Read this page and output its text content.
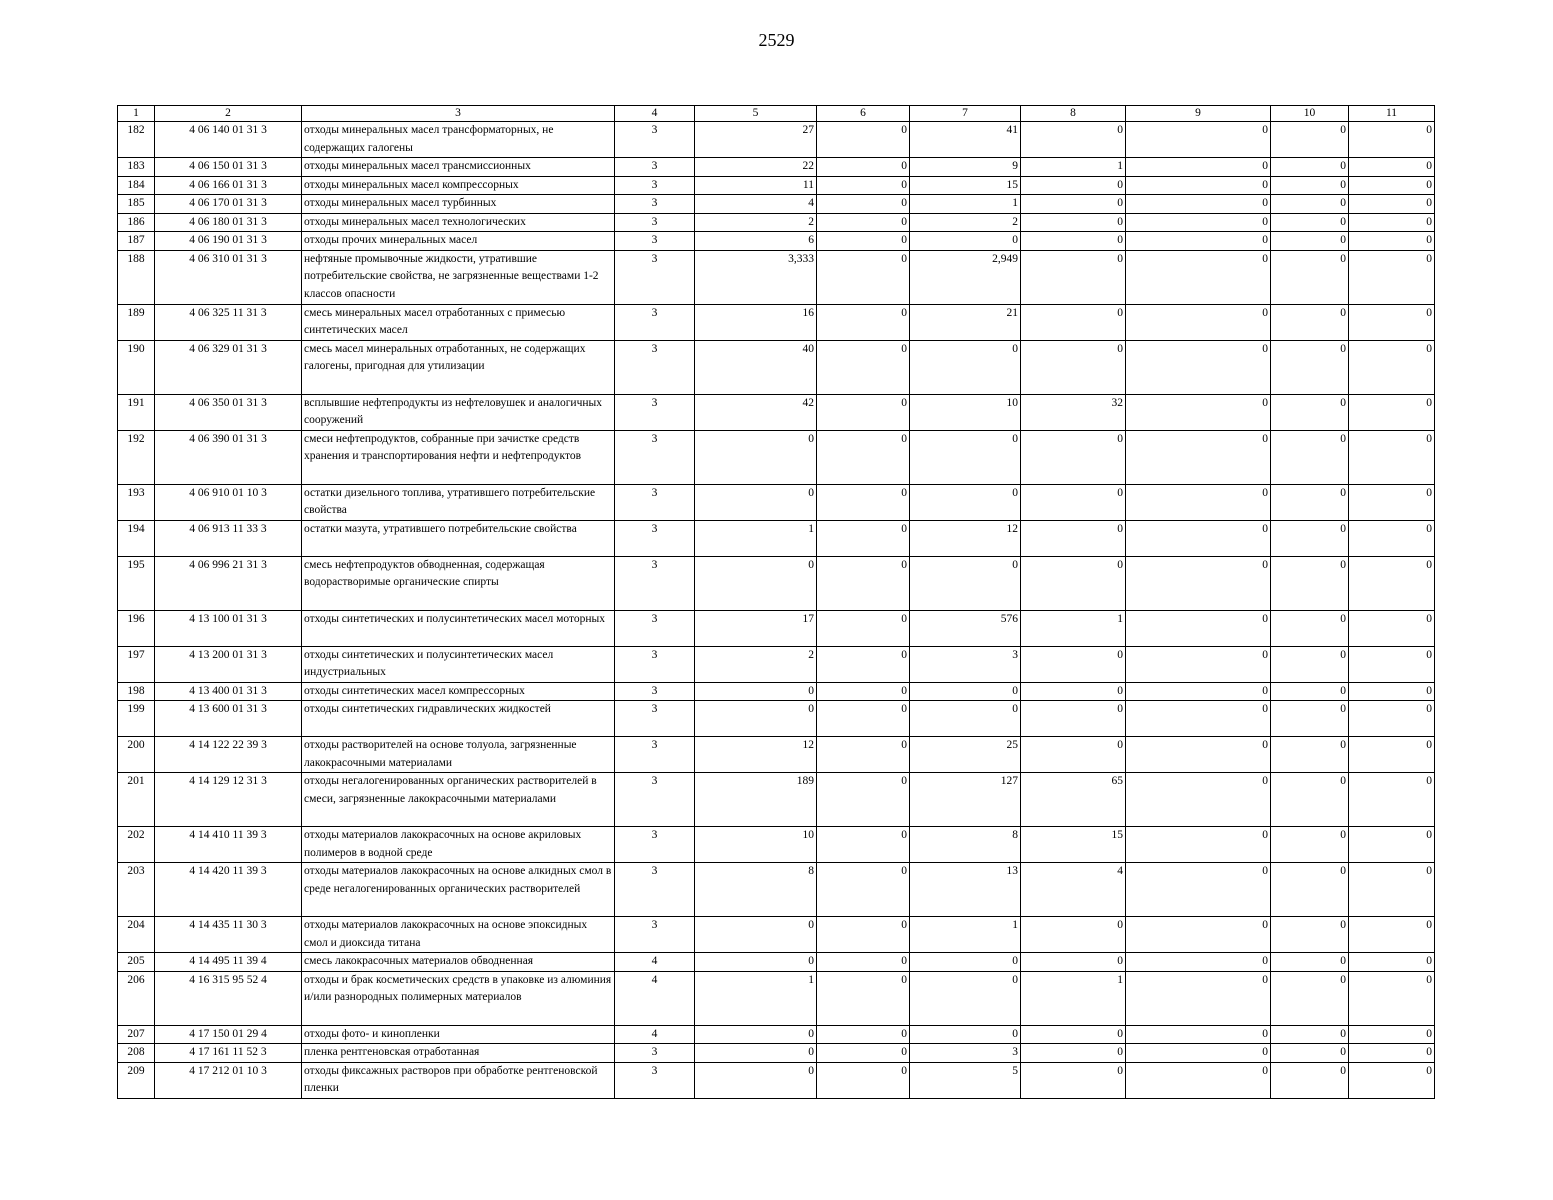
2529
1	2	3	4	5	6	7	8	9	10	11
182	4 06 140 01 31 3	отходы минеральных масел трансформаторных, не содержащих галогены	3	27	0	41	0	0	0	0
183	4 06 150 01 31 3	отходы минеральных масел трансмиссионных	3	22	0	9	1	0	0	0
184	4 06 166 01 31 3	отходы минеральных масел компрессорных	3	11	0	15	0	0	0	0
185	4 06 170 01 31 3	отходы минеральных масел турбинных	3	4	0	1	0	0	0	0
186	4 06 180 01 31 3	отходы минеральных масел технологических	3	2	0	2	0	0	0	0
187	4 06 190 01 31 3	отходы прочих минеральных масел	3	6	0	0	0	0	0	0
188	4 06 310 01 31 3	нефтяные промывочные жидкости, утратившие потребительские свойства, не загрязненные веществами 1-2 классов опасности	3	3,333	0	2,949	0	0	0	0
189	4 06 325 11 31 3	смесь минеральных масел отработанных с примесью синтетических масел	3	16	0	21	0	0	0	0
190	4 06 329 01 31 3	смесь масел минеральных отработанных, не содержащих галогены, пригодная для утилизации	3	40	0	0	0	0	0	0
191	4 06 350 01 31 3	всплывшие нефтепродукты из нефтеловушек и аналогичных сооружений	3	42	0	10	32	0	0	0
192	4 06 390 01 31 3	смеси нефтепродуктов, собранные при зачистке средств хранения и транспортирования нефти и нефтепродуктов	3	0	0	0	0	0	0	0
193	4 06 910 01 10 3	остатки дизельного топлива, утратившего потребительские свойства	3	0	0	0	0	0	0	0
194	4 06 913 11 33 3	остатки мазута, утратившего потребительские свойства	3	1	0	12	0	0	0	0
195	4 06 996 21 31 3	смесь нефтепродуктов обводненная, содержащая водорастворимые органические спирты	3	0	0	0	0	0	0	0
196	4 13 100 01 31 3	отходы синтетических и полусинтетических масел моторных	3	17	0	576	1	0	0	0
197	4 13 200 01 31 3	отходы синтетических и полусинтетических масел индустриальных	3	2	0	3	0	0	0	0
198	4 13 400 01 31 3	отходы синтетических масел компрессорных	3	0	0	0	0	0	0	0
199	4 13 600 01 31 3	отходы синтетических гидравлических жидкостей	3	0	0	0	0	0	0	0
200	4 14 122 22 39 3	отходы растворителей на основе толуола, загрязненные лакокрасочными материалами	3	12	0	25	0	0	0	0
201	4 14 129 12 31 3	отходы негалогенированных органических растворителей в смеси, загрязненные лакокрасочными материалами	3	189	0	127	65	0	0	0
202	4 14 410 11 39 3	отходы материалов лакокрасочных на основе акриловых полимеров в водной среде	3	10	0	8	15	0	0	0
203	4 14 420 11 39 3	отходы материалов лакокрасочных на основе алкидных смол в среде негалогенированных органических растворителей	3	8	0	13	4	0	0	0
204	4 14 435 11 30 3	отходы материалов лакокрасочных на основе эпоксидных смол и диоксида титана	3	0	0	1	0	0	0	0
205	4 14 495 11 39 4	смесь лакокрасочных материалов обводненная	4	0	0	0	0	0	0	0
206	4 16 315 95 52 4	отходы и брак косметических средств в упаковке из алюминия и/или разнородных полимерных материалов	4	1	0	0	1	0	0	0
207	4 17 150 01 29 4	отходы фото- и кинопленки	4	0	0	0	0	0	0	0
208	4 17 161 11 52 3	пленка рентгеновская отработанная	3	0	0	3	0	0	0	0
209	4 17 212 01 10 3	отходы фиксажных растворов при обработке рентгеновской пленки	3	0	0	5	0	0	0	0
